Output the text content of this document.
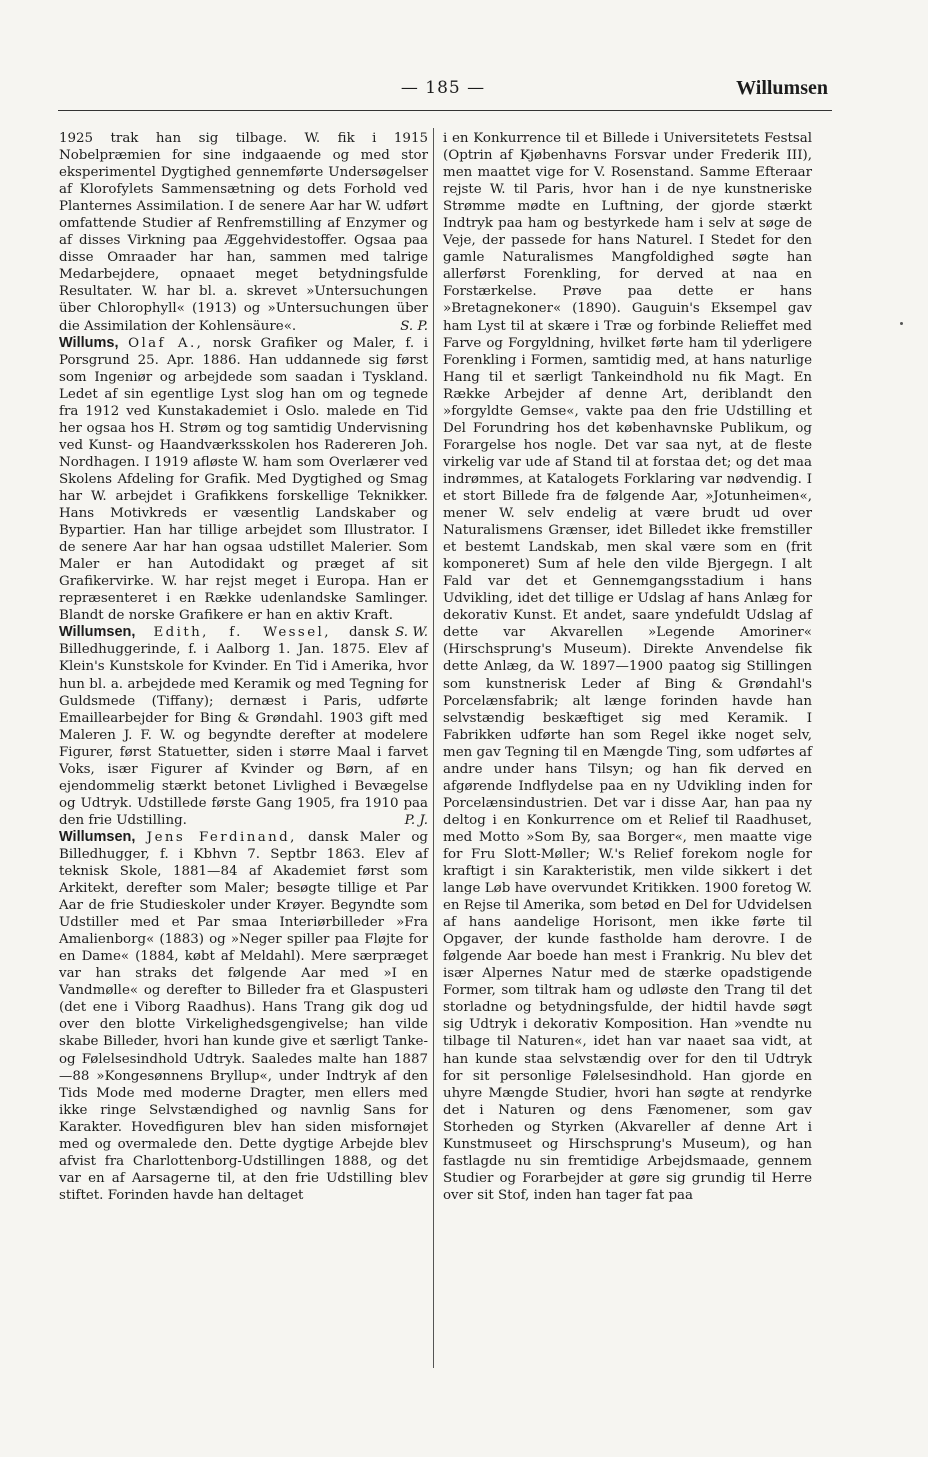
— 185 —	Willumsen

1925 trak han sig tilbage. W. fik i 1915 Nobelpræmien for sine indgaaende og med stor eksperimentel Dygtighed gennemførte Undersøgelser af Klorofylets Sammensætning og dets Forhold ved Planternes Assimilation. I de senere Aar har W. udført omfattende Studier af Renfremstilling af Enzymer og af disses Virkning paa Æggehvidestoffer. Ogsaa paa disse Omraader har han, sammen med talrige Medarbejdere, opnaaet meget betydningsfulde Resultater. W. har bl. a. skrevet »Untersuchungen über Chlorophyll« (1913) og »Untersuchungen über die Assimilation der Kohlensäure«.	S. P.

Willums, Olaf A., norsk Grafiker og Maler, f. i Porsgrund 25. Apr. 1886. Han uddannede sig først som Ingeniør og arbejdede som saadan i Tyskland. Ledet af sin egentlige Lyst slog han om og tegnede fra 1912 ved Kunstakademiet i Oslo. malede en Tid her ogsaa hos H. Strøm og tog samtidig Undervisning ved Kunst- og Haandværksskolen hos Radereren Joh. Nordhagen. I 1919 afløste W. ham som Overlærer ved Skolens Afdeling for Grafik. Med Dygtighed og Smag har W. arbejdet i Grafikkens forskellige Teknikker. Hans Motivkreds er væsentlig Landskaber og Bypartier. Han har tillige arbejdet som Illustrator. I de senere Aar har han ogsaa udstillet Malerier. Som Maler er han Autodidakt og præget af sit Grafikervirke. W. har rejst meget i Europa. Han er repræsenteret i en Række udenlandske Samlinger. Blandt de norske Grafikere er han en aktiv Kraft.
S. W.

Willumsen, Edith, f. Wessel, dansk Billedhuggerinde, f. i Aalborg 1. Jan. 1875. Elev af Klein's Kunstskole for Kvinder. En Tid i Amerika, hvor hun bl. a. arbejdede med Keramik og med Tegning for Guldsmede (Tiffany); dernæst i Paris, udførte Emaillearbejder for Bing & Grøndahl. 1903 gift med Maleren J. F. W. og begyndte derefter at modelere Figurer, først Statuetter, siden i større Maal i farvet Voks, især Figurer af Kvinder og Børn, af en ejendommelig stærkt betonet Livlighed i Bevægelse og Udtryk. Udstillede første Gang 1905, fra 1910 paa den frie Udstilling.	P. J.

Willumsen, Jens Ferdinand, dansk Maler og Billedhugger, f. i Kbhvn 7. Septbr 1863. Elev af teknisk Skole, 1881—84 af Akademiet først som Arkitekt, derefter som Maler; besøgte tillige et Par Aar de frie Studieskoler under Krøyer. Begyndte som Udstiller med et Par smaa Interiørbilleder »Fra Amalienborg« (1883) og »Neger spiller paa Fløjte for en Dame« (1884, købt af Meldahl). Mere særpræget var han straks det følgende Aar med »I en Vandmølle« og derefter to Billeder fra et Glaspusteri (det ene i Viborg Raadhus). Hans Trang gik dog ud over den blotte Virkelighedsgengivelse; han vilde skabe Billeder, hvori han kunde give et særligt Tanke- og Følelsesindhold Udtryk. Saaledes malte han 1887—88 »Kongesønnens Bryllup«, under Indtryk af den Tids Mode med moderne Dragter, men ellers med ikke ringe Selvstændighed og navnlig Sans for Karakter. Hovedfiguren blev han siden misfornøjet med og overmalede den. Dette dygtige Arbejde blev afvist fra Charlottenborg-Udstillingen 1888, og det var en af Aarsagerne til, at den frie Udstilling blev stiftet. Forinden havde han deltaget

i en Konkurrence til et Billede i Universitetets Festsal (Optrin af Kjøbenhavns Forsvar under Frederik III), men maattet vige for V. Rosenstand. Samme Efteraar rejste W. til Paris, hvor han i de nye kunstneriske Strømme mødte en Luftning, der gjorde stærkt Indtryk paa ham og bestyrkede ham i selv at søge de Veje, der passede for hans Naturel. I Stedet for den gamle Naturalismes Mangfoldighed søgte han allerførst Forenkling, for derved at naa en Forstærkelse. Prøve paa dette er hans »Bretagnekoner« (1890). Gauguin's Eksempel gav ham Lyst til at skære i Træ og forbinde Relieffet med Farve og Forgyldning, hvilket førte ham til yderligere Forenkling i Formen, samtidig med, at hans naturlige Hang til et særligt Tankeindhold nu fik Magt. En Række Arbejder af denne Art, deriblandt den »forgyldte Gemse«, vakte paa den frie Udstilling et Del Forundring hos det københavnske Publikum, og Forargelse hos nogle. Det var saa nyt, at de fleste virkelig var ude af Stand til at forstaa det; og det maa indrømmes, at Katalogets Forklaring var nødvendig. I et stort Billede fra de følgende Aar, »Jotunheimen«, mener W. selv endelig at være brudt ud over Naturalismens Grænser, idet Billedet ikke fremstiller et bestemt Landskab, men skal være som en (frit komponeret) Sum af hele den vilde Bjergegn. I alt Fald var det et Gennemgangsstadium i hans Udvikling, idet det tillige er Udslag af hans Anlæg for dekorativ Kunst. Et andet, saare yndefuldt Udslag af dette var Akvarellen »Legende Amoriner« (Hirschsprung's Museum). Direkte Anvendelse fik dette Anlæg, da W. 1897—1900 paatog sig Stillingen som kunstnerisk Leder af Bing & Grøndahl's Porcelænsfabrik; alt længe forinden havde han selvstændig beskæftiget sig med Keramik. I Fabrikken udførte han som Regel ikke noget selv, men gav Tegning til en Mængde Ting, som udførtes af andre under hans Tilsyn; og han fik derved en afgørende Indflydelse paa en ny Udvikling inden for Porcelænsindustrien. Det var i disse Aar, han paa ny deltog i en Konkurrence om et Relief til Raadhuset, med Motto »Som By, saa Borger«, men maatte vige for Fru Slott-Møller; W.'s Relief forekom nogle for kraftigt i sin Karakteristik, men vilde sikkert i det lange Løb have overvundet Kritikken. 1900 foretog W. en Rejse til Amerika, som betød en Del for Udvidelsen af hans aandelige Horisont, men ikke førte til Opgaver, der kunde fastholde ham derovre. I de følgende Aar boede han mest i Frankrig. Nu blev det især Alpernes Natur med de stærke opadstigende Former, som tiltrak ham og udløste den Trang til det storladne og betydningsfulde, der hidtil havde søgt sig Udtryk i dekorativ Komposition. Han »vendte nu tilbage til Naturen«, idet han var naaet saa vidt, at han kunde staa selvstændig over for den til Udtryk for sit personlige Følelsesindhold. Han gjorde en uhyre Mængde Studier, hvori han søgte at rendyrke det i Naturen og dens Fænomener, som gav Storheden og Styrken (Akvareller af denne Art i Kunstmuseet og Hirschsprung's Museum), og han fastlagde nu sin fremtidige Arbejdsmaade, gennem Studier og Forarbejder at gøre sig grundig til Herre over sit Stof, inden han tager fat paa
